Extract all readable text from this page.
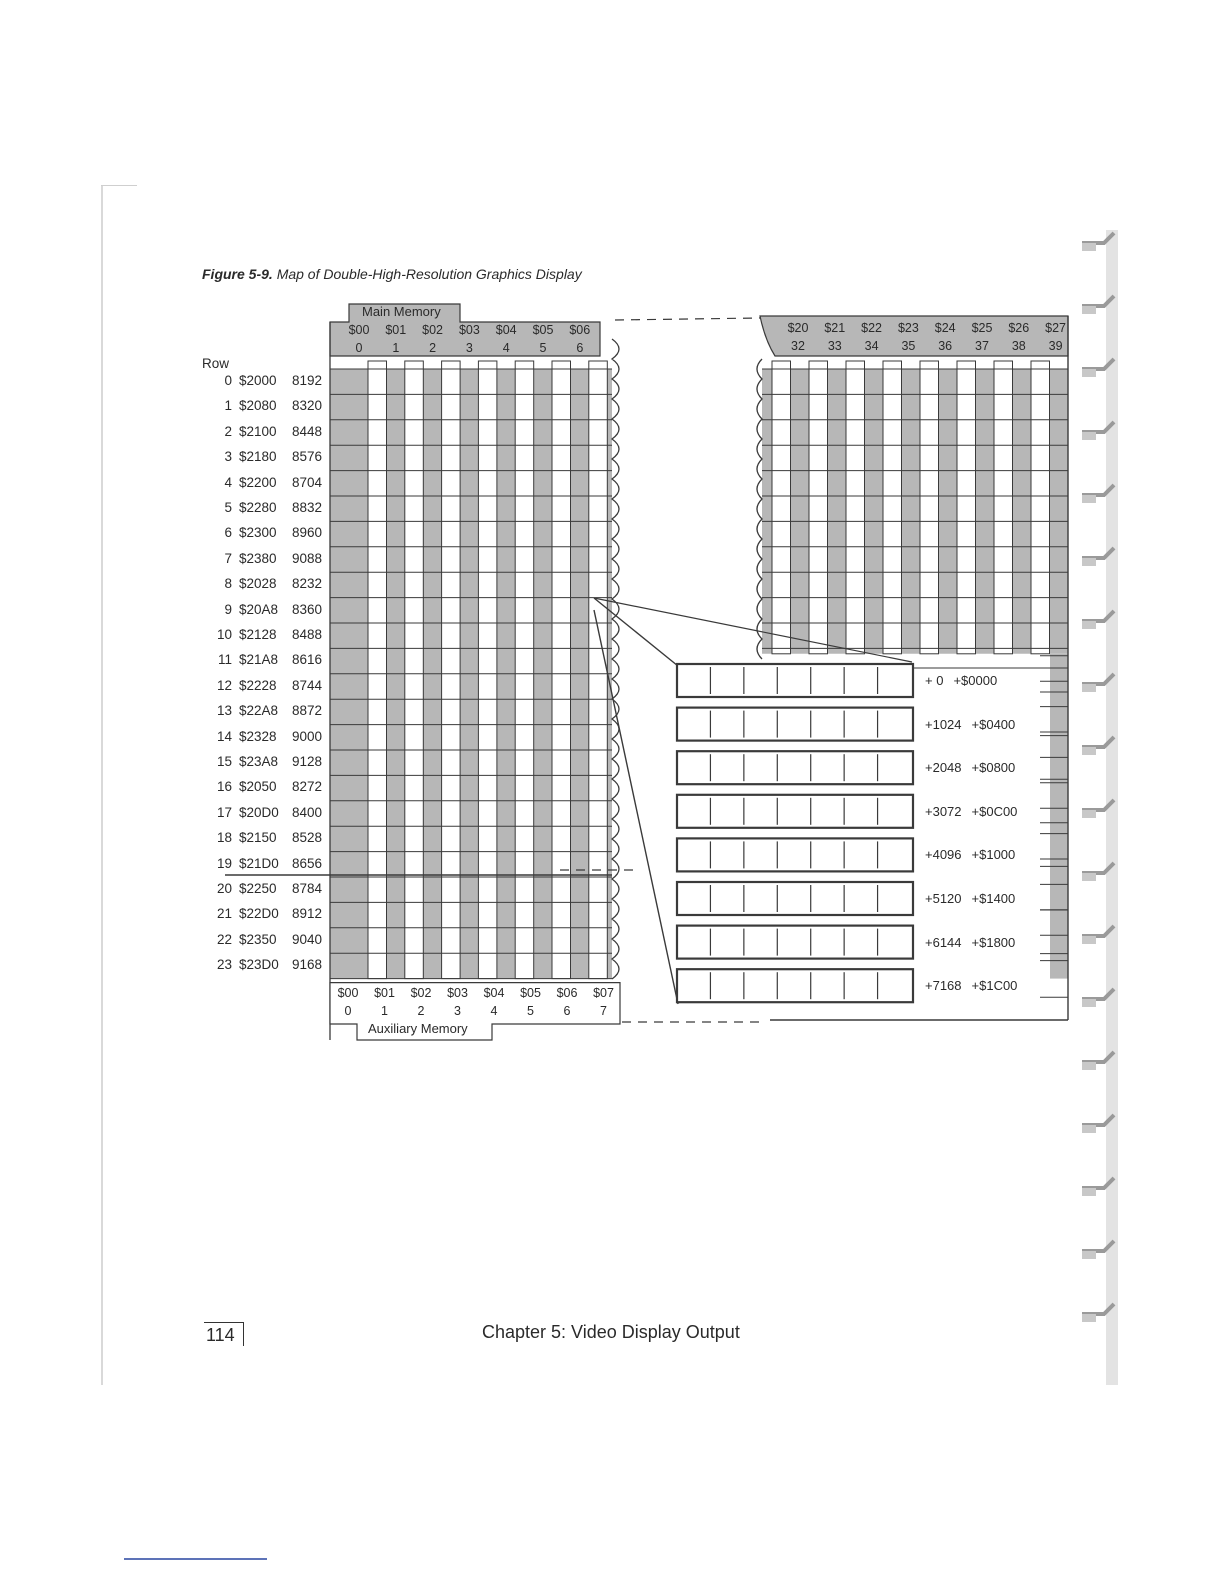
Figure 5-9. Map of Double-High-Resolution Graphics Display
Row
0 $2000 8192
1 $2080 8320
2 $2100 8448
3 $2180 8576
4 $2200 8704
5 $2280 8832
6 $2300 8960
7 $2380 9088
8 $2028 8232
9 $20A8 8360
10 $2128 8488
11 $21A8 8616
12 $2228 8744
13 $22A8 8872
14 $2328 9000
15 $23A8 9128
16 $2050 8272
17 $20D0 8400
18 $2150 8528
19 $21D0 8656
20 $2250 8784
21 $22D0 8912
22 $2350 9040
23 $23D0 9168
Main Memory
$00
0
$01
1
$02
2
$03
3
$04
4
$05
5
$06
6
$20
32
$21
33
$22
34
$23
35
$24
36
$25
37
$26
38
$27
39
$00
0
$01
1
$02
2
$03
3
$04
4
$05
5
$06
6
$07
7
Auxiliary Memory
+ 0 +$0000
+1024 +$0400
+2048 +$0800
+3072 +$0C00
+4096 +$1000
+5120 +$1400
+6144 +$1800
+7168 +$1C00
114	Chapter 5: Video Display Output
